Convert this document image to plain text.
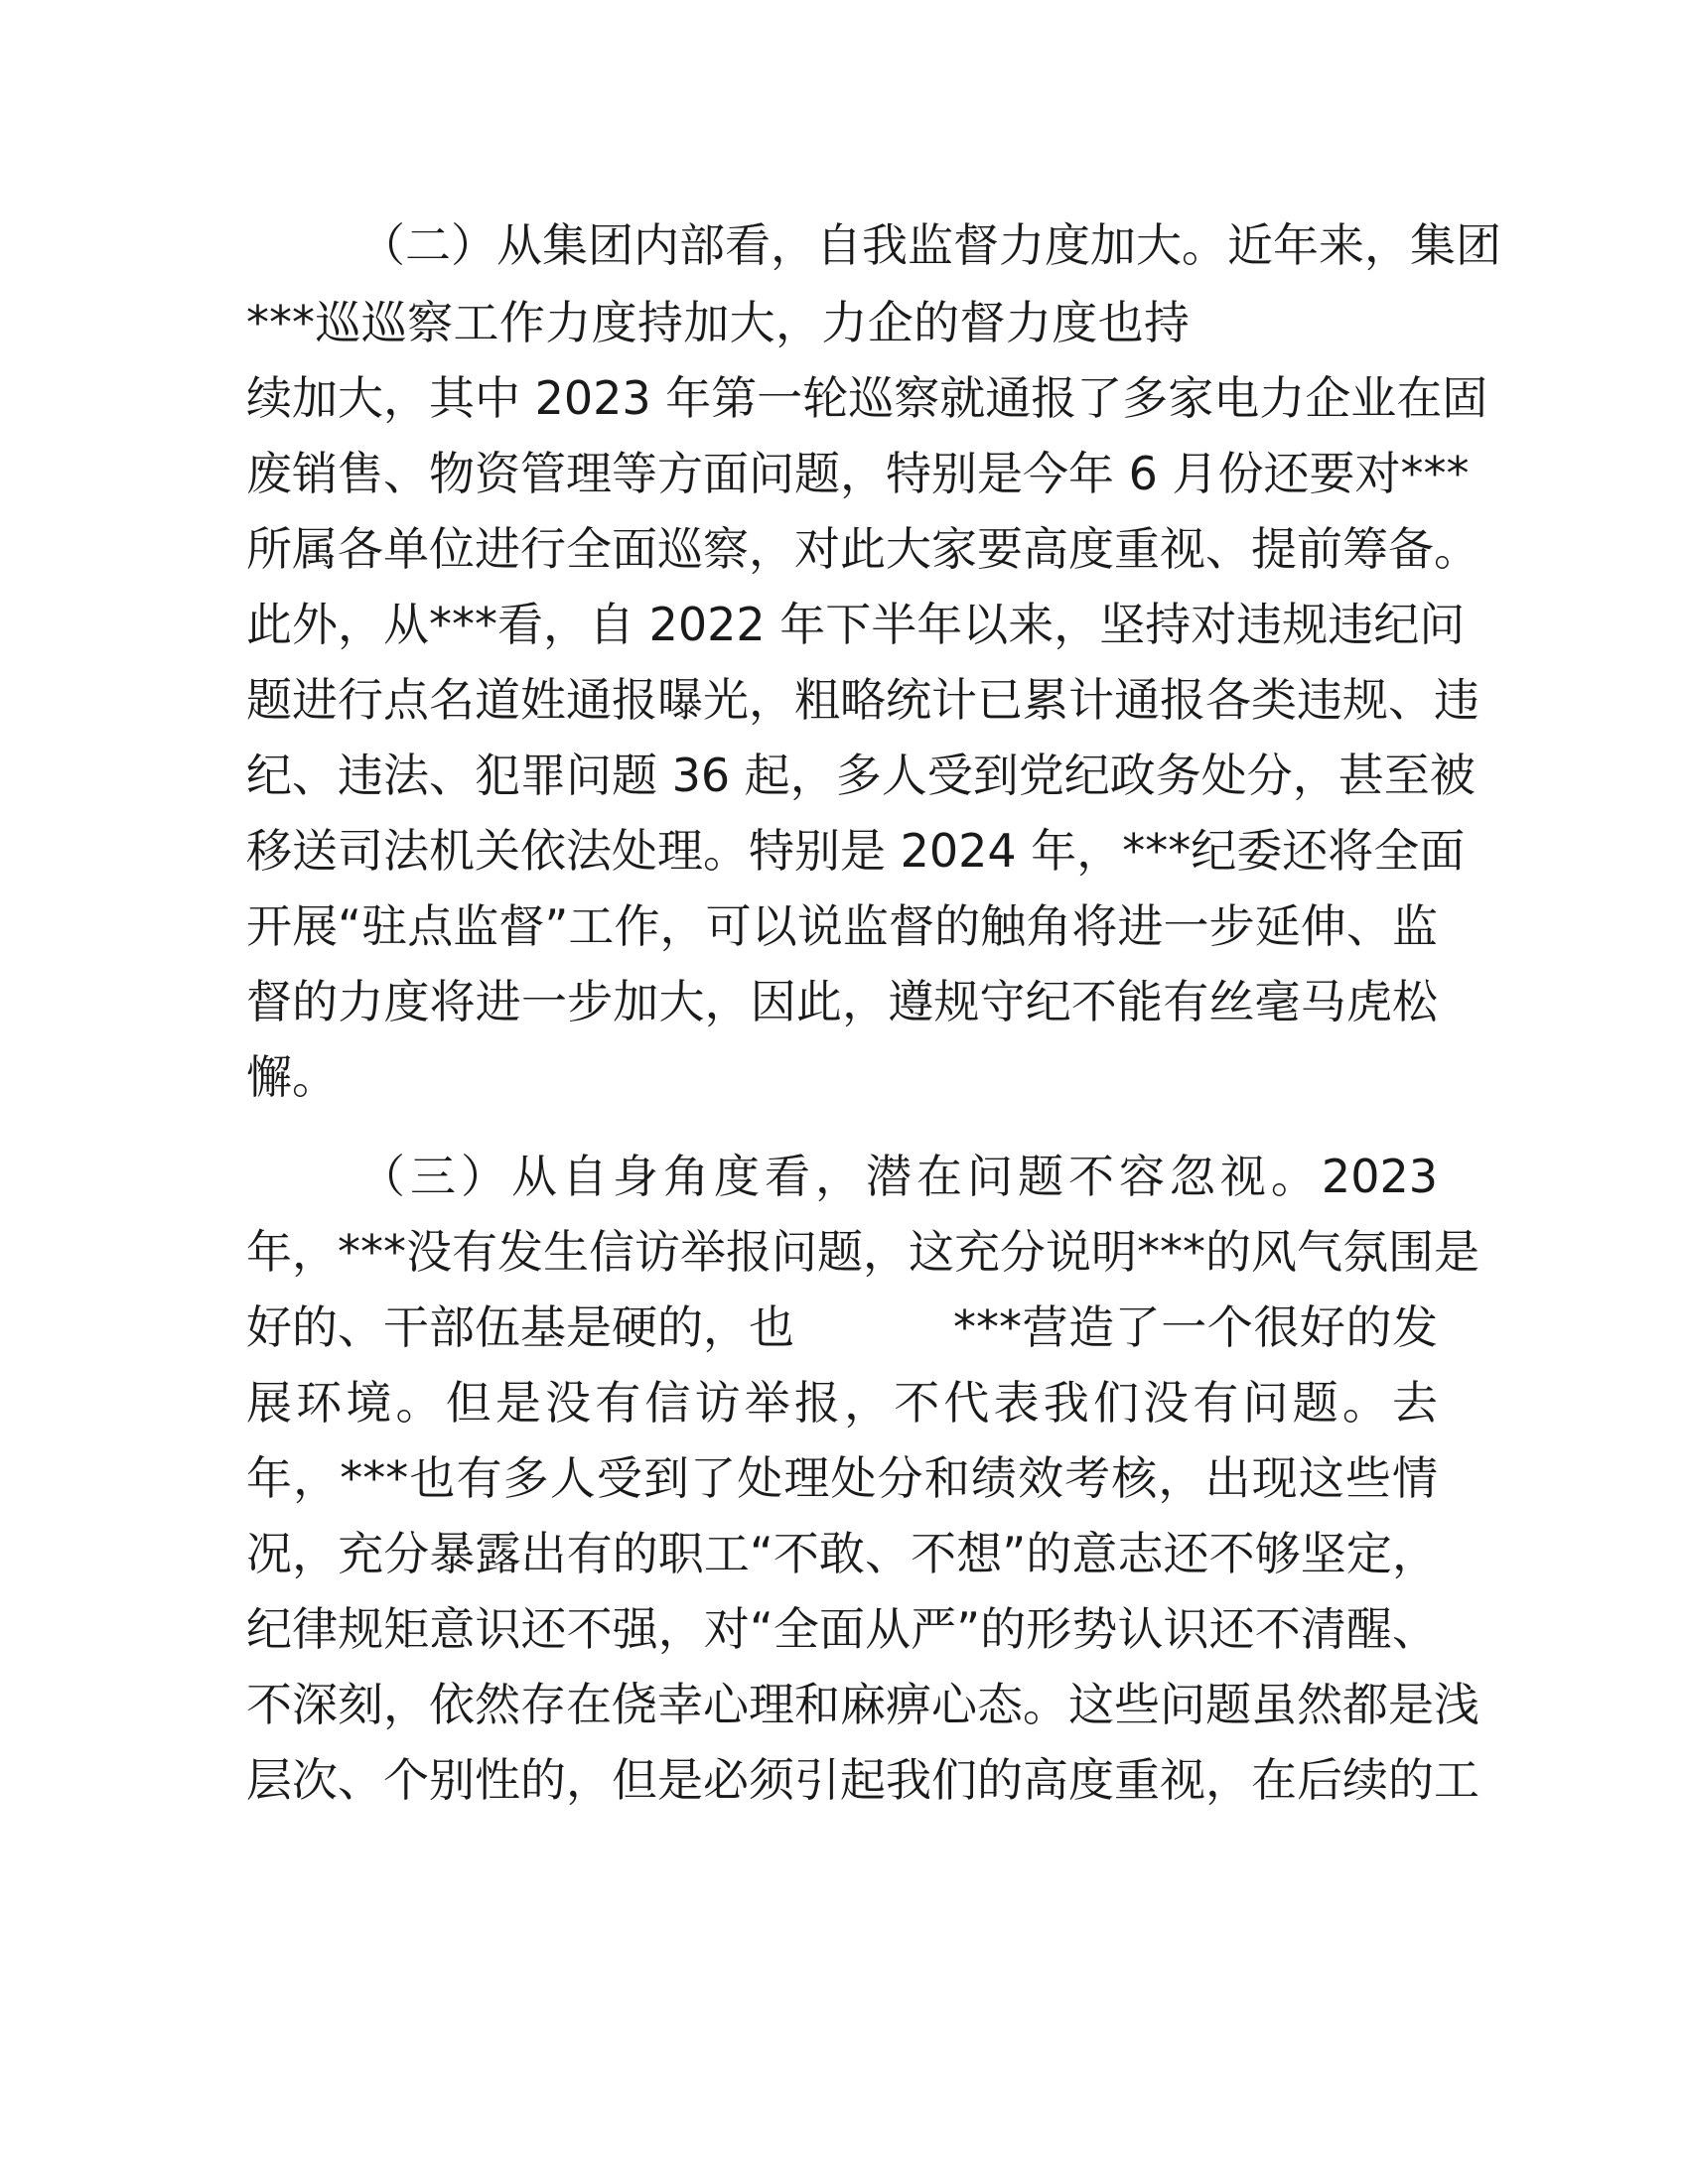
（二）从集团内部看，自我监督力度加大。近年来，集团
***巡巡察工作力度持加大，力企的督力度也持
续加大，其中 2023 年第一轮巡察就通报了多家电力企业在固
废销售、物资管理等方面问题，特别是今年 6 月份还要对***
所属各单位进行全面巡察，对此大家要高度重视、提前筹备。
此外，从***看，自 2022 年下半年以来，坚持对违规违纪问
题进行点名道姓通报曝光，粗略统计已累计通报各类违规、违
纪、违法、犯罪问题 36 起，多人受到党纪政务处分，甚至被
移送司法机关依法处理。特别是 2024 年，***纪委还将全面
开展“驻点监督”工作，可以说监督的触角将进一步延伸、监
督的力度将进一步加大，因此，遵规守纪不能有丝毫马虎松
懈。
（三）从自身角度看，潜在问题不容忽视。2023
年，***没有发生信访举报问题，这充分说明***的风气氛围是
好的、干部伍基是硬的，也	***营造了一个很好的发
展环境。但是没有信访举报，不代表我们没有问题。去
年，***也有多人受到了处理处分和绩效考核，出现这些情
况，充分暴露出有的职工“不敢、不想”的意志还不够坚定，
纪律规矩意识还不强，对“全面从严”的形势认识还不清醒、
不深刻，依然存在侥幸心理和麻痹心态。这些问题虽然都是浅
层次、个别性的，但是必须引起我们的高度重视，在后续的工
